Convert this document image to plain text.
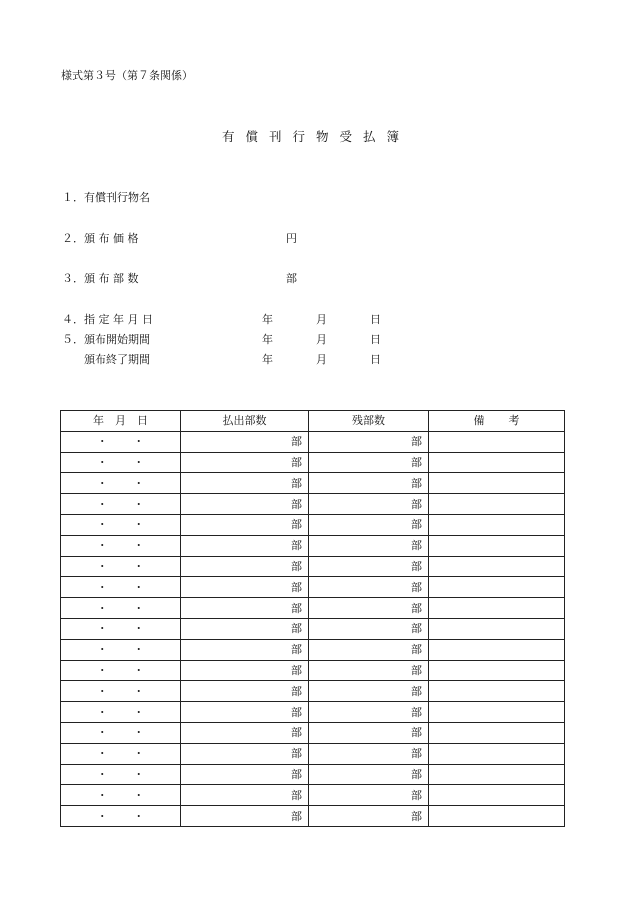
様式第３号（第７条関係）
有償刊行物受払簿
１．有償刊行物名
２．頒 布 価 格	円
３．頒 布 部 数	部
４．指 定 年 月 日	年	月	日
５．頒布開始期間	年	月	日
頒布終了期間	年	月	日
年　月　日	払出部数	残部数	備考
・ ・	部	部	
・ ・	部	部	
・ ・	部	部	
・ ・	部	部	
・ ・	部	部	
・ ・	部	部	
・ ・	部	部	
・ ・	部	部	
・ ・	部	部	
・ ・	部	部	
・ ・	部	部	
・ ・	部	部	
・ ・	部	部	
・ ・	部	部	
・ ・	部	部	
・ ・	部	部	
・ ・	部	部	
・ ・	部	部	
・ ・	部	部	
